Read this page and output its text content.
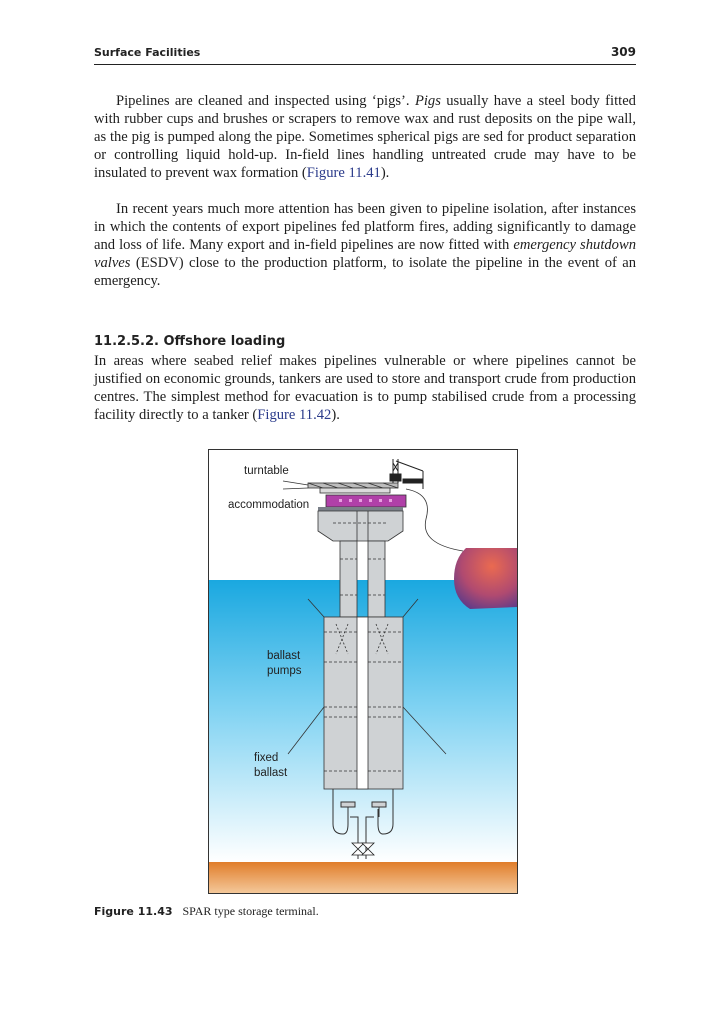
Surface Facilities	309

Pipelines are cleaned and inspected using ‘pigs’. Pigs usually have a steel body fitted with rubber cups and brushes or scrapers to remove wax and rust deposits on the pipe wall, as the pig is pumped along the pipe. Sometimes spherical pigs are sed for product separation or controlling liquid hold-up. In-field lines handling untreated crude may have to be insulated to prevent wax formation (Figure 11.41).

In recent years much more attention has been given to pipeline isolation, after instances in which the contents of export pipelines fed platform fires, adding significantly to damage and loss of life. Many export and in-field pipelines are now fitted with emergency shutdown valves (ESDV) close to the production platform, to isolate the pipeline in the event of an emergency.

11.2.5.2. Offshore loading

In areas where seabed relief makes pipelines vulnerable or where pipelines cannot be justified on economic grounds, tankers are used to store and transport crude from production centres. The simplest method for evacuation is to pump stabilised crude from a processing facility directly to a tanker (Figure 11.42).

turntable
accommodation
ballast
pumps
fixed
ballast
Figure 11.43 SPAR type storage terminal.
